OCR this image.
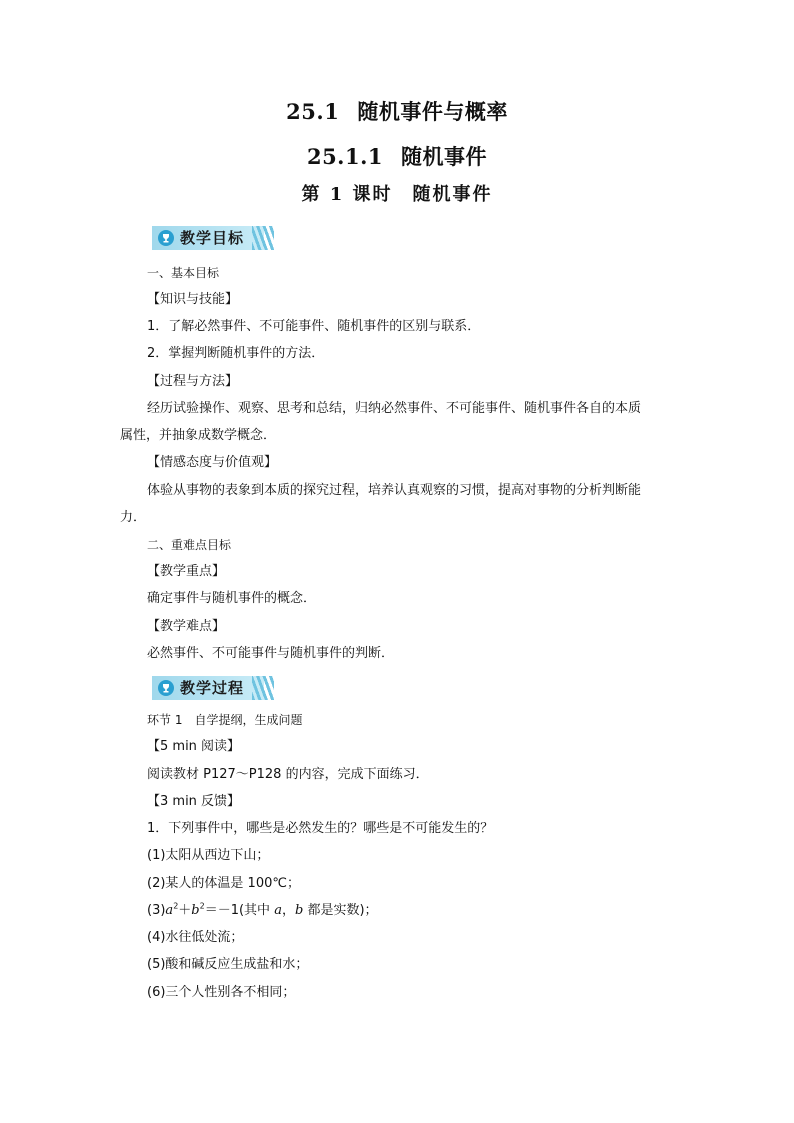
25.1 随机事件与概率
25.1.1 随机事件
第 1 课时 随机事件
教学目标
一、基本目标
【知识与技能】
1．了解必然事件、不可能事件、随机事件的区别与联系．
2．掌握判断随机事件的方法．
【过程与方法】
经历试验操作、观察、思考和总结，归纳必然事件、不可能事件、随机事件各自的本质
属性，并抽象成数学概念．
【情感态度与价值观】
体验从事物的表象到本质的探究过程，培养认真观察的习惯，提高对事物的分析判断能
力．
二、重难点目标
【教学重点】
确定事件与随机事件的概念．
【教学难点】
必然事件、不可能事件与随机事件的判断．
教学过程
环节 1　自学提纲，生成问题
【5 min 阅读】
阅读教材 P127～P128 的内容，完成下面练习．
【3 min 反馈】
1．下列事件中，哪些是必然发生的？哪些是不可能发生的？
(1)太阳从西边下山；
(2)某人的体温是 100℃；
$(3)a^2+b^2=-1$(其中 a，b 都是实数)；
(4)水往低处流；
(5)酸和碱反应生成盐和水；
(6)三个人性别各不相同；
